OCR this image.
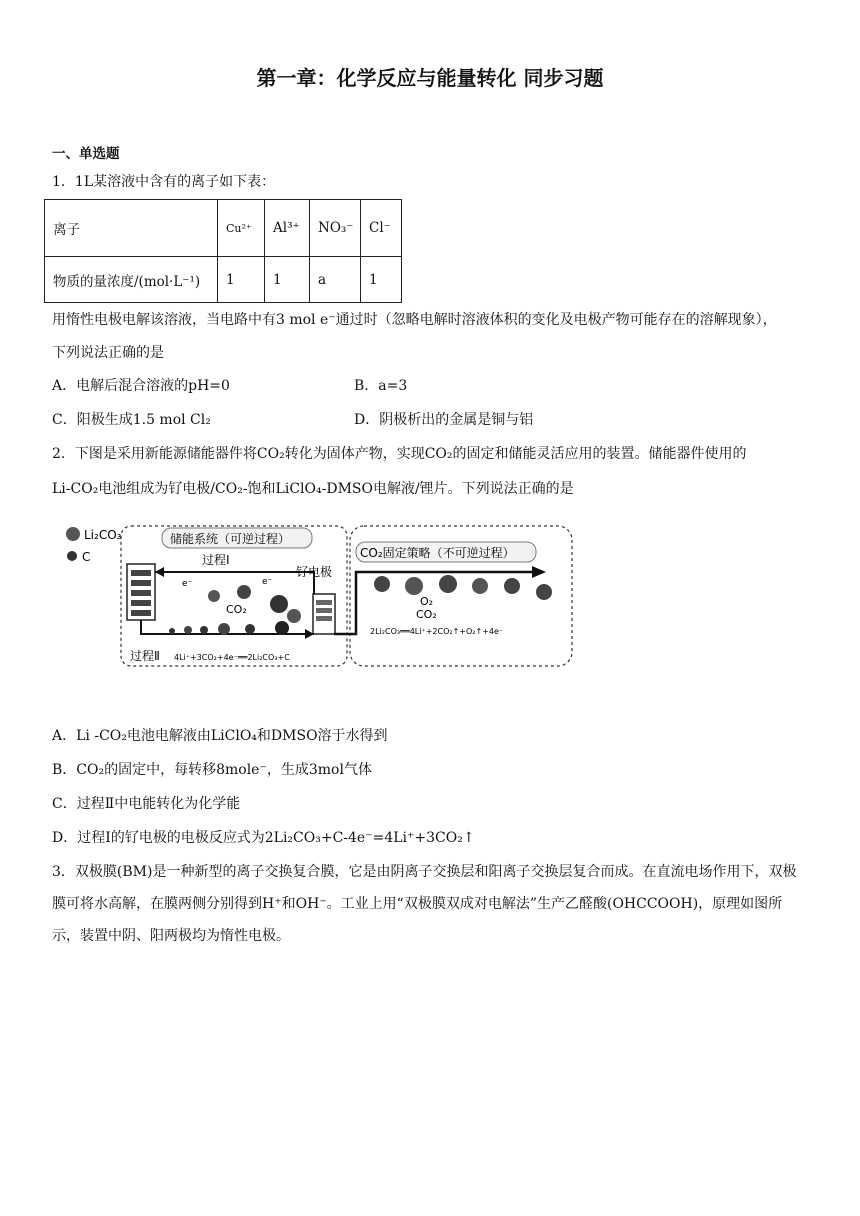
第一章：化学反应与能量转化 同步习题
一、单选题
1．1L某溶液中含有的离子如下表：
离子	Cu²⁺	Al³⁺	NO₃⁻	Cl⁻
物质的量浓度/(mol·L⁻¹)	1	1	a	1
用惰性电极电解该溶液，当电路中有3 mol e⁻通过时（忽略电解时溶液体积的变化及电极产物可能存在的溶解现象），
下列说法正确的是
A．电解后混合溶液的pH=0	B．a=3
C．阳极生成1.5 mol Cl₂	D．阴极析出的金属是铜与铝
2．下图是采用新能源储能器件将CO₂转化为固体产物，实现CO₂的固定和储能灵活应用的装置。储能器件使用的
Li-CO₂电池组成为钌电极/CO₂-饱和LiClO₄-DMSO电解液/锂片。下列说法正确的是
Li₂CO₃
C
储能系统（可逆过程）
过程Ⅰ
钌电极
e⁻	e⁻
CO₂
过程Ⅱ 4Li⁺+3CO₂+4e⁻══2Li₂CO₃+C
CO₂固定策略（不可逆过程）
O₂
CO₂
2Li₂CO₃══4Li⁺+2CO₂↑+O₂↑+4e⁻
A．Li -CO₂电池电解液由LiClO₄和DMSO溶于水得到
B．CO₂的固定中，每转移8mole⁻，生成3mol气体
C．过程Ⅱ中电能转化为化学能
D．过程Ⅰ的钌电极的电极反应式为2Li₂CO₃+C-4e⁻=4Li⁺+3CO₂↑
3．双极膜(BM)是一种新型的离子交换复合膜，它是由阴离子交换层和阳离子交换层复合而成。在直流电场作用下，双极膜可将水高解，在膜两侧分别得到H⁺和OH⁻。工业上用“双极膜双成对电解法”生产乙醛酸(OHCCOOH)，原理如图所示，装置中阴、阳两极均为惰性电极。
